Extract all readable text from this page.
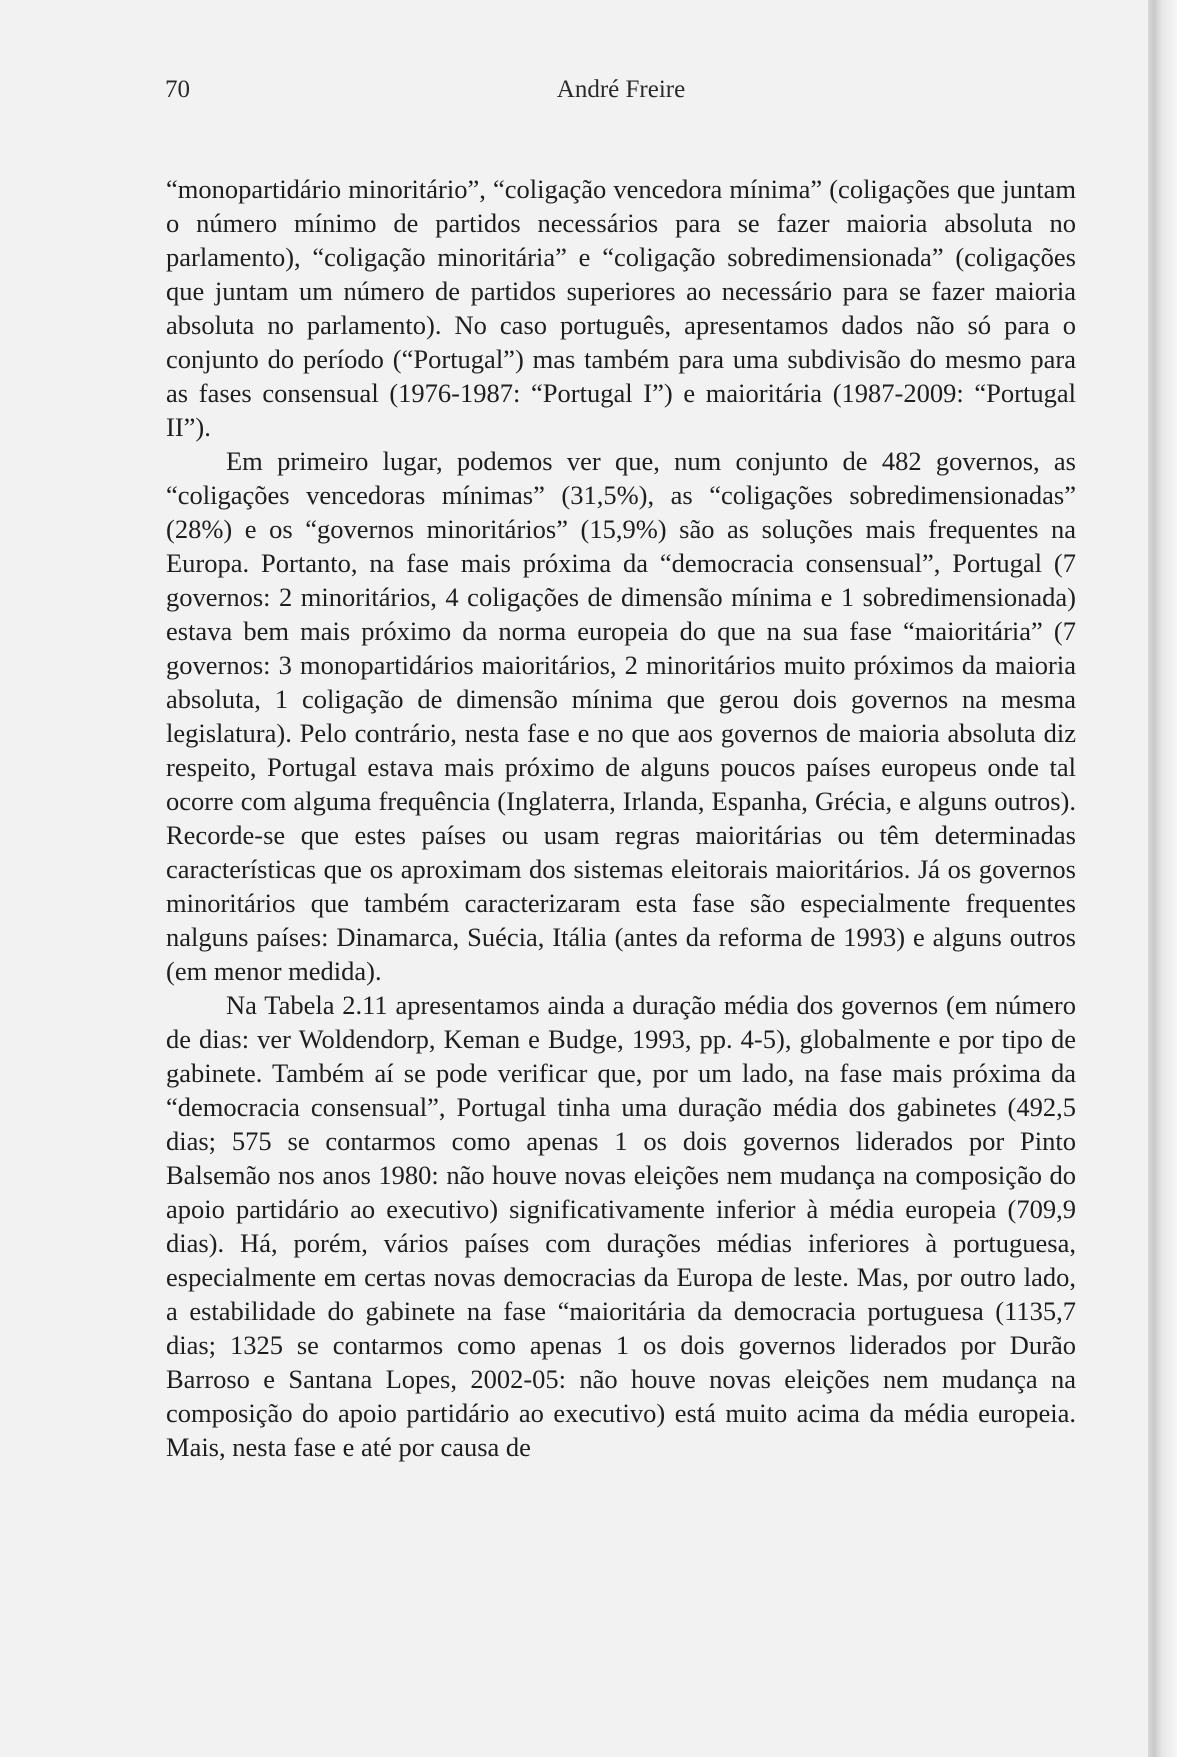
70	André Freire

“monopartidário minoritário”, “coligação vencedora mínima” (coligações que juntam o número mínimo de partidos necessários para se fazer maioria absoluta no parlamento), “coligação minoritária” e “coligação sobredimensionada” (coligações que juntam um número de partidos superiores ao necessário para se fazer maioria absoluta no parlamento). No caso português, apresentamos dados não só para o conjunto do período (“Portugal”) mas também para uma subdivisão do mesmo para as fases consensual (1976-1987: “Portugal I”) e maioritária (1987-2009: “Portugal II”).

Em primeiro lugar, podemos ver que, num conjunto de 482 governos, as “coligações vencedoras mínimas” (31,5%), as “coligações sobredimensionadas” (28%) e os “governos minoritários” (15,9%) são as soluções mais frequentes na Europa. Portanto, na fase mais próxima da “democracia consensual”, Portugal (7 governos: 2 minoritários, 4 coligações de dimensão mínima e 1 sobredimensionada) estava bem mais próximo da norma europeia do que na sua fase “maioritária” (7 governos: 3 monopartidários maioritários, 2 minoritários muito próximos da maioria absoluta, 1 coligação de dimensão mínima que gerou dois governos na mesma legislatura). Pelo contrário, nesta fase e no que aos governos de maioria absoluta diz respeito, Portugal estava mais próximo de alguns poucos países europeus onde tal ocorre com alguma frequência (Inglaterra, Irlanda, Espanha, Grécia, e alguns outros). Recorde-se que estes países ou usam regras maioritárias ou têm determinadas características que os aproximam dos sistemas eleitorais maioritários. Já os governos minoritários que também caracterizaram esta fase são especialmente frequentes nalguns países: Dinamarca, Suécia, Itália (antes da reforma de 1993) e alguns outros (em menor medida).

Na Tabela 2.11 apresentamos ainda a duração média dos governos (em número de dias: ver Woldendorp, Keman e Budge, 1993, pp. 4-5), globalmente e por tipo de gabinete. Também aí se pode verificar que, por um lado, na fase mais próxima da “democracia consensual”, Portugal tinha uma duração média dos gabinetes (492,5 dias; 575 se contarmos como apenas 1 os dois governos liderados por Pinto Balsemão nos anos 1980: não houve novas eleições nem mudança na composição do apoio partidário ao executivo) significativamente inferior à média europeia (709,9 dias). Há, porém, vários países com durações médias inferiores à portuguesa, especialmente em certas novas democracias da Europa de leste. Mas, por outro lado, a estabilidade do gabinete na fase “maioritária da democracia portuguesa (1135,7 dias; 1325 se contarmos como apenas 1 os dois governos liderados por Durão Barroso e Santana Lopes, 2002-05: não houve novas eleições nem mudança na composição do apoio partidário ao executivo) está muito acima da média europeia. Mais, nesta fase e até por causa de
